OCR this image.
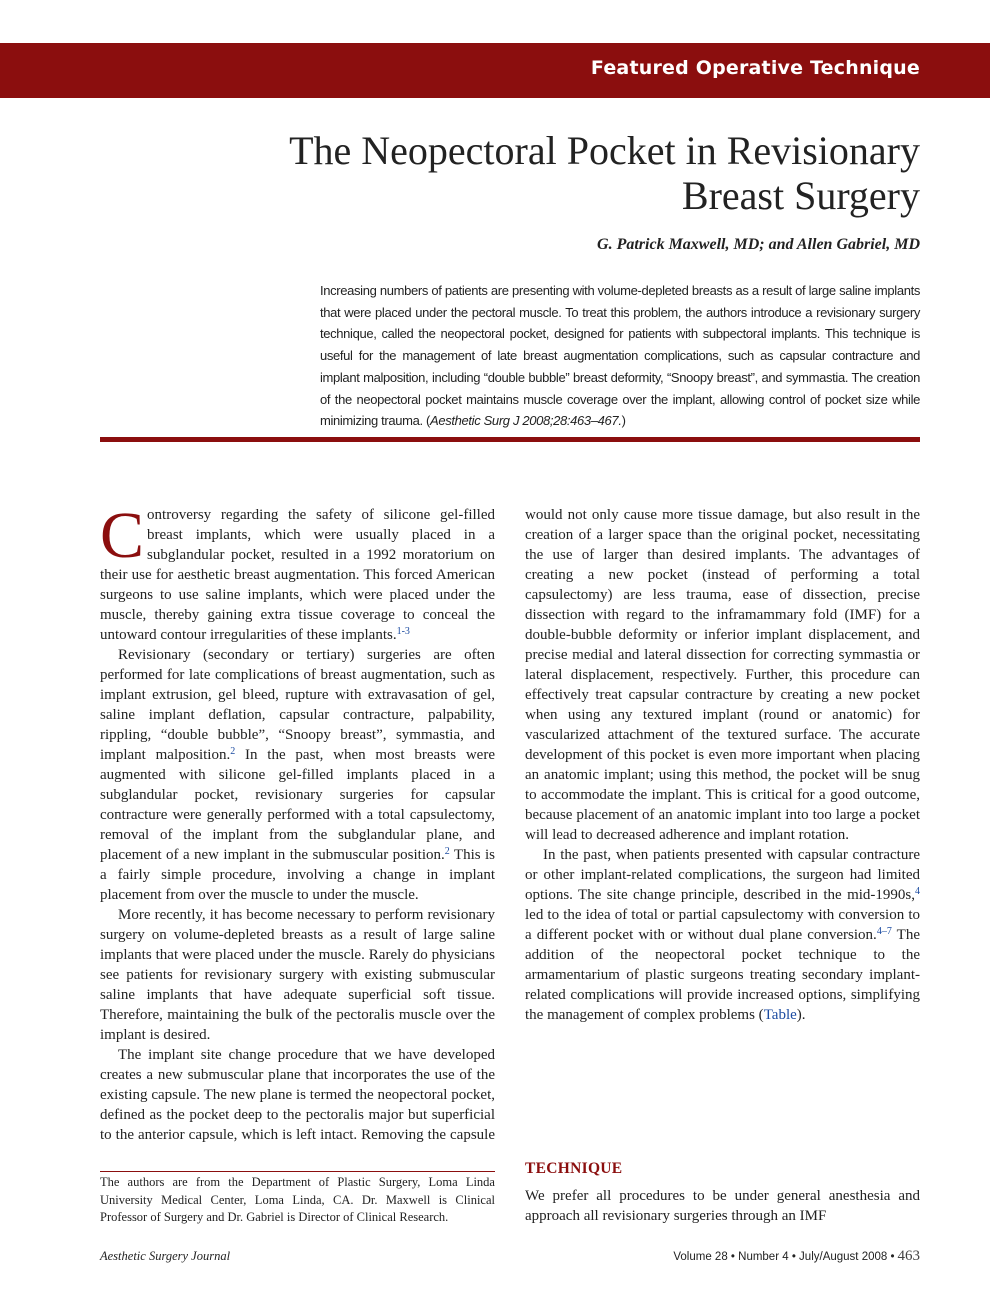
Featured Operative Technique
The Neopectoral Pocket in Revisionary
Breast Surgery
G. Patrick Maxwell, MD; and Allen Gabriel, MD

Increasing numbers of patients are presenting with volume-depleted breasts as a result of large saline implants that were placed under the pectoral muscle. To treat this problem, the authors introduce a revisionary surgery technique, called the neopectoral pocket, designed for patients with subpectoral implants. This technique is useful for the management of late breast augmentation complications, such as capsular contracture and implant malposition, including “double bubble” breast deformity, “Snoopy breast”, and symmastia. The creation of the neopectoral pocket maintains muscle coverage over the implant, allowing control of pocket size while minimizing trauma. (Aesthetic Surg J 2008;28:463–467.)

Controversy regarding the safety of silicone gel-filled breast implants, which were usually placed in a subglandular pocket, resulted in a 1992 moratorium on their use for aesthetic breast augmentation. This forced American surgeons to use saline implants, which were placed under the muscle, thereby gaining extra tissue coverage to conceal the untoward contour irregularities of these implants.$^{1-3}$

Revisionary (secondary or tertiary) surgeries are often performed for late complications of breast augmentation, such as implant extrusion, gel bleed, rupture with extravasation of gel, saline implant deflation, capsular contracture, palpability, rippling, “double bubble”, “Snoopy breast”, symmastia, and implant malposition.$^2$ In the past, when most breasts were augmented with silicone gel-filled implants placed in a subglandular pocket, revisionary surgeries for capsular contracture were generally performed with a total capsulectomy, removal of the implant from the subglandular plane, and placement of a new implant in the submuscular position.$^2$ This is a fairly simple procedure, involving a change in implant placement from over the muscle to under the muscle.

More recently, it has become necessary to perform revisionary surgery on volume-depleted breasts as a result of large saline implants that were placed under the muscle. Rarely do physicians see patients for revisionary surgery with existing submuscular saline implants that have adequate superficial soft tissue. Therefore, maintaining the bulk of the pectoralis muscle over the implant is desired.

The implant site change procedure that we have developed creates a new submuscular plane that incorporates the use of the existing capsule. The new plane is termed the neopectoral pocket, defined as the pocket deep to the pectoralis major but superficial to the anterior capsule, which is left intact. Removing the capsule would not only cause more tissue damage, but also result in the creation of a larger space than the original pocket, necessitating the use of larger than desired implants. The advantages of creating a new pocket (instead of performing a total capsulectomy) are less trauma, ease of dissection, precise dissection with regard to the inframammary fold (IMF) for a double-bubble deformity or inferior implant displacement, and precise medial and lateral dissection for correcting symmastia or lateral displacement, respectively. Further, this procedure can effectively treat capsular contracture by creating a new pocket when using any textured implant (round or anatomic) for vascularized attachment of the textured surface. The accurate development of this pocket is even more important when placing an anatomic implant; using this method, the pocket will be snug to accommodate the implant. This is critical for a good outcome, because placement of an anatomic implant into too large a pocket will lead to decreased adherence and implant rotation.

In the past, when patients presented with capsular contracture or other implant-related complications, the surgeon had limited options. The site change principle, described in the mid-1990s,$^4$ led to the idea of total or partial capsulectomy with conversion to a different pocket with or without dual plane conversion.$^{4-7}$ The addition of the neopectoral pocket technique to the armamentarium of plastic surgeons treating secondary implant-related complications will provide increased options, simplifying the management of complex problems (Table).

The authors are from the Department of Plastic Surgery, Loma Linda University Medical Center, Loma Linda, CA. Dr. Maxwell is Clinical Professor of Surgery and Dr. Gabriel is Director of Clinical Research.

TECHNIQUE

We prefer all procedures to be under general anesthesia and approach all revisionary surgeries through an IMF

Aesthetic Surgery Journal	Volume 28 • Number 4 • July/August 2008 • 463
